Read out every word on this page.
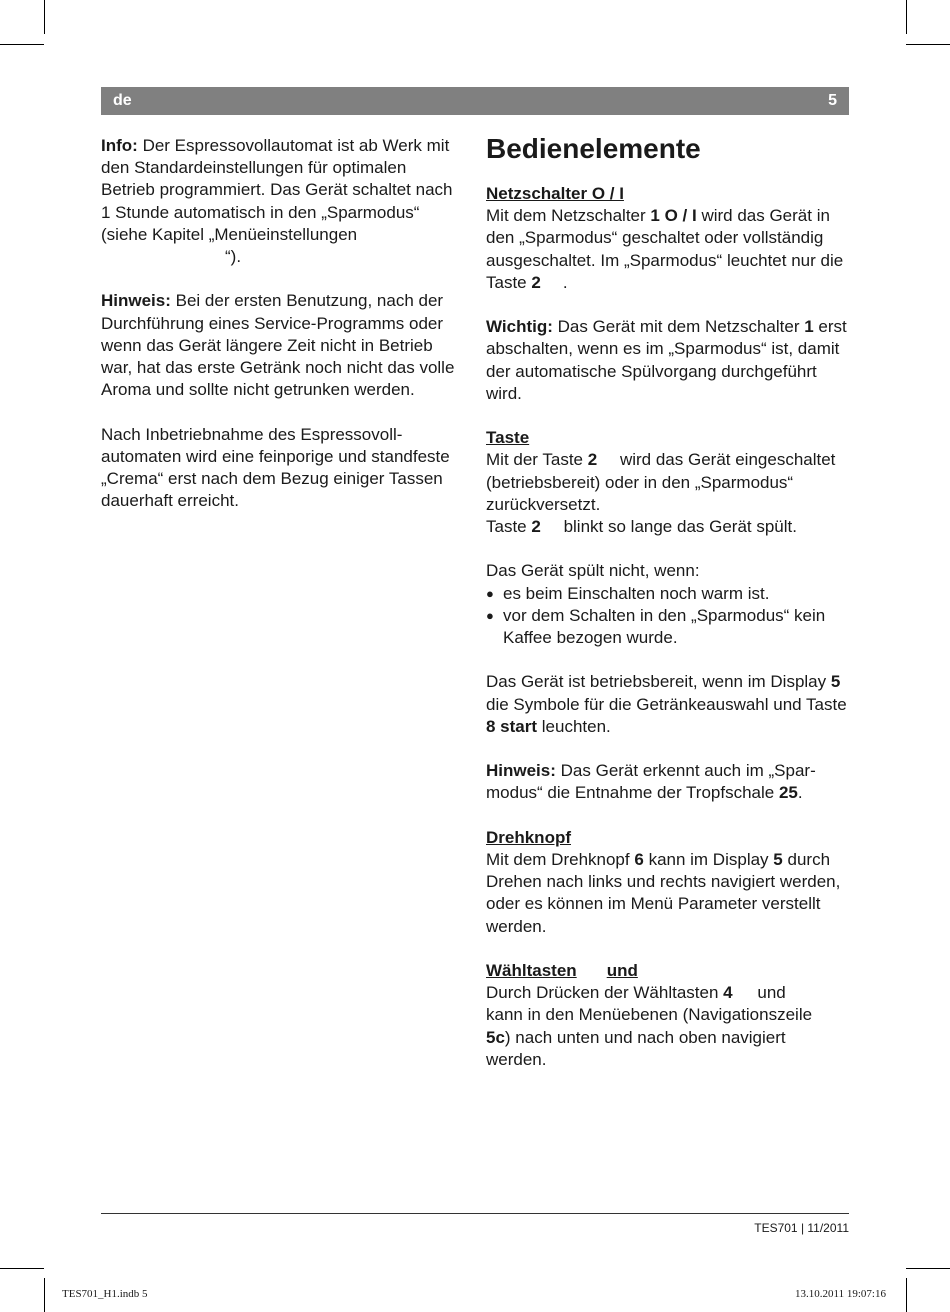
de	5

Info: Der Espressovollautomat ist ab Werk mit den Standardeinstellungen für optimalen Betrieb programmiert. Das Gerät schaltet nach 1 Stunde automatisch in den „Sparmodus“ (siehe Kapitel „Menüeinstellungen“).

Hinweis: Bei der ersten Benutzung, nach der Durchführung eines Service-Programms oder wenn das Gerät längere Zeit nicht in Betrieb war, hat das erste Getränk noch nicht das volle Aroma und sollte nicht getrunken werden.

Nach Inbetriebnahme des Espressovollautomaten wird eine feinporige und standfeste „Crema“ erst nach dem Bezug einiger Tassen dauerhaft erreicht.

Bedienelemente
Netzschalter O / I

Mit dem Netzschalter 1 O / I wird das Gerät in den „Sparmodus“ geschaltet oder vollständig ausgeschaltet. Im „Sparmodus“ leuchtet nur die Taste 2 .

Wichtig: Das Gerät mit dem Netzschalter 1 erst abschalten, wenn es im „Sparmodus“ ist, damit der automatische Spülvorgang durchgeführt wird.

Taste

Mit der Taste 2 wird das Gerät eingeschaltet (betriebsbereit) oder in den „Sparmodus“ zurückversetzt.
Taste 2 blinkt so lange das Gerät spült.

Das Gerät spült nicht, wenn:
● es beim Einschalten noch warm ist.
● vor dem Schalten in den „Sparmodus“ kein Kaffee bezogen wurde.

Das Gerät ist betriebsbereit, wenn im Display 5 die Symbole für die Getränkeauswahl und Taste 8 start leuchten.

Hinweis: Das Gerät erkennt auch im „Sparmodus“ die Entnahme der Tropfschale 25.

Drehknopf

Mit dem Drehknopf 6 kann im Display 5 durch Drehen nach links und rechts navigiert werden, oder es können im Menü Parameter verstellt werden.

Wähltasten und

Durch Drücken der Wähltasten 4 und
kann in den Menüebenen (Navigationszeile
5c) nach unten und nach oben navigiert werden.

TES701 | 11/2011
TES701_H1.indb 5	13.10.2011 19:07:16
